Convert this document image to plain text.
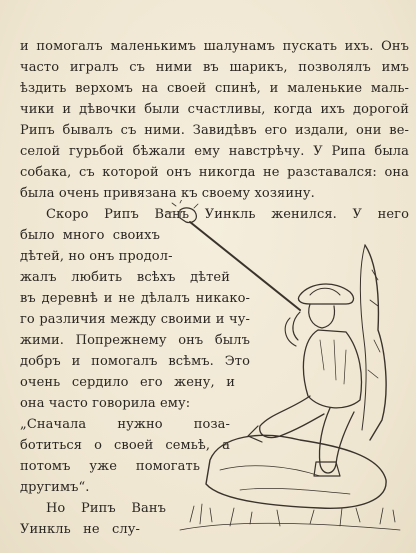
и помогалъ маленькимъ шалунамъ пускать ихъ. Онъ
часто игралъ съ ними въ шарикъ, позволялъ имъ
ѣздить верхомъ на своей спинѣ, и маленькие маль-
чики и дѣвочки были счастливы, когда ихъ дорогой
Рипъ бывалъ съ ними. Завидѣвъ его издали, они ве-
селой гурьбой бѣжали ему навстрѣчу. У Рипа была
собака, съ которой онъ никогда не разставался: она
была очень привязана къ своему хозяину.
Скоро Рипъ Ванъ Уинкль женился. У него
было много своихъ
дѣтей, но онъ продол-
жалъ любить всѣхъ дѣтей
въ деревнѣ и не дѣлалъ никако-
го различия между своими и чу-
жими. Попрежнему онъ былъ
добръ и помогалъ всѣмъ. Это
очень сердило его жену, и
она часто говорила ему:
„Сначала нужно поза-
ботиться о своей семьѣ, а
потомъ уже помогать
другимъ“.
Но Рипъ Ванъ
Уинкль не слу-
